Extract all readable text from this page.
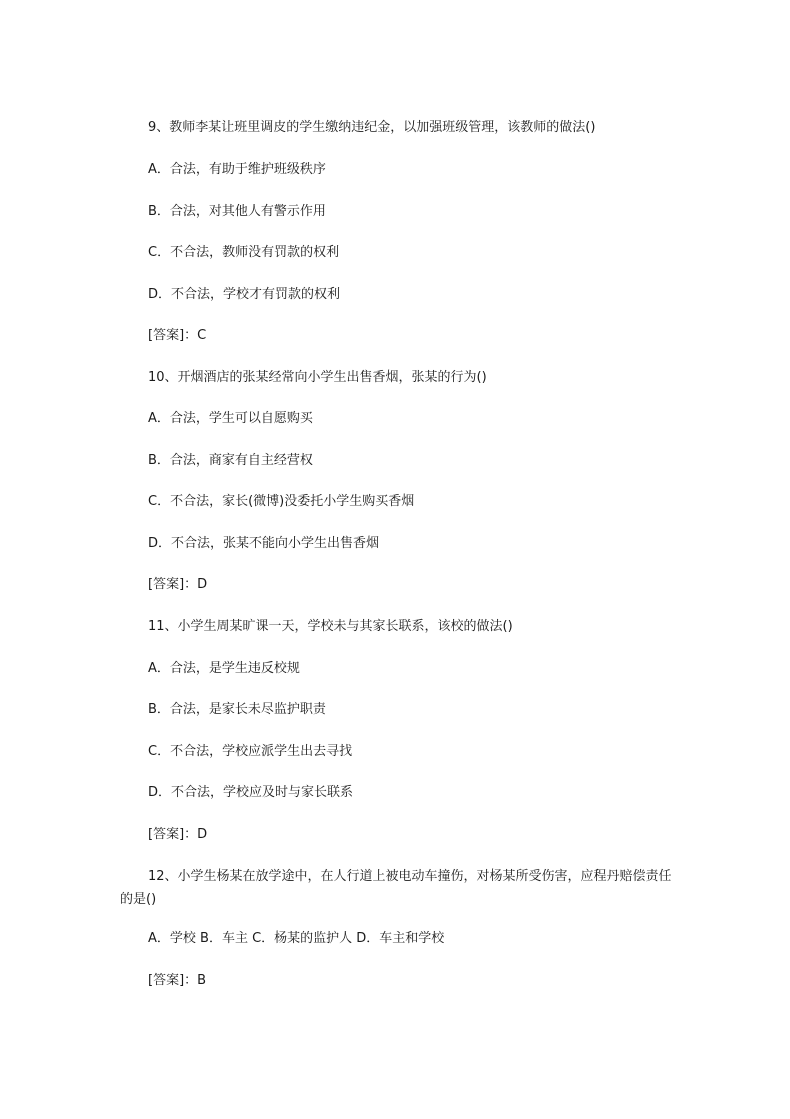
9、教师李某让班里调皮的学生缴纳违纪金，以加强班级管理，该教师的做法()
A．合法，有助于维护班级秩序
B．合法，对其他人有警示作用
C．不合法，教师没有罚款的权利
D．不合法，学校才有罚款的权利
[答案]：C
10、开烟酒店的张某经常向小学生出售香烟，张某的行为()
A．合法，学生可以自愿购买
B．合法，商家有自主经营权
C．不合法，家长(微博)没委托小学生购买香烟
D．不合法，张某不能向小学生出售香烟
[答案]：D
11、小学生周某旷课一天，学校未与其家长联系，该校的做法()
A．合法，是学生违反校规
B．合法，是家长未尽监护职责
C．不合法，学校应派学生出去寻找
D．不合法，学校应及时与家长联系
[答案]：D
12、小学生杨某在放学途中，在人行道上被电动车撞伤，对杨某所受伤害，应程丹赔偿责任的是()
A．学校 B．车主 C．杨某的监护人 D．车主和学校
[答案]：B
